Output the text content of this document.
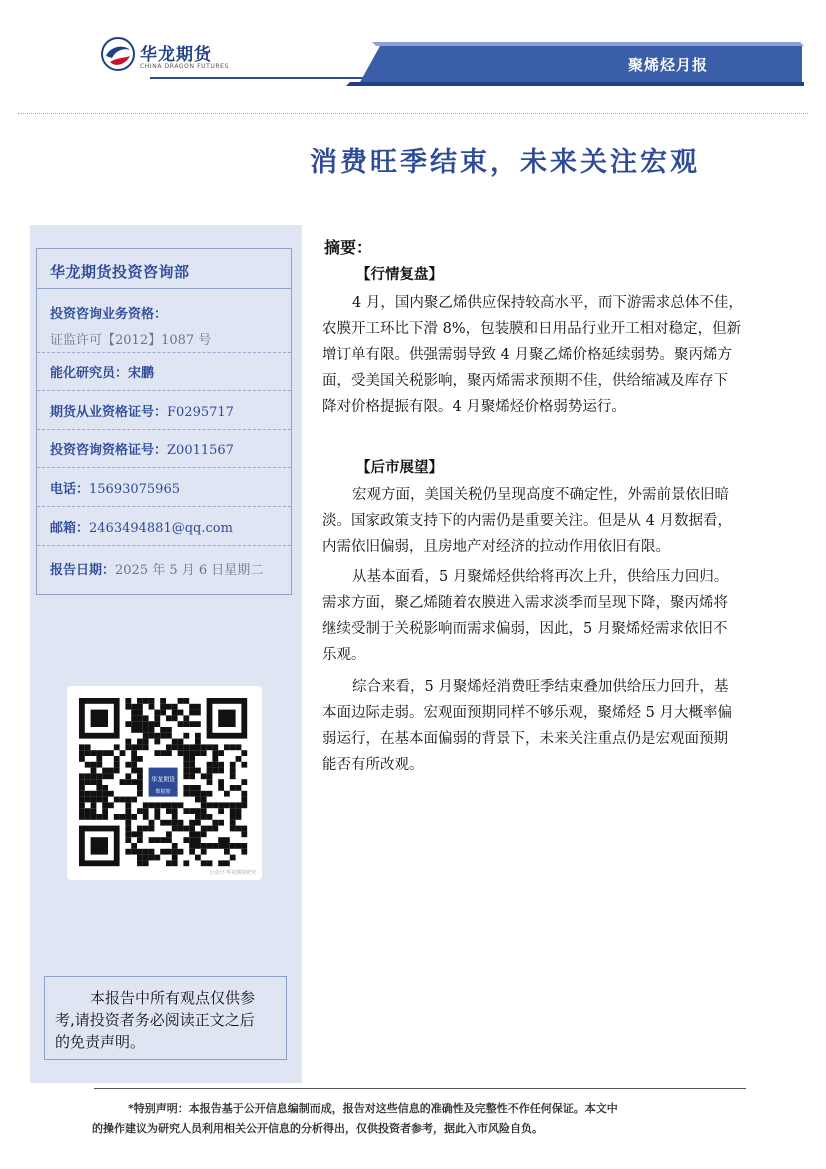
聚烯烃月报
华龙期货
CHINA DRAGON FUTURES
消费旺季结束，未来关注宏观
华龙期货投资咨询部
投资咨询业务资格：
证监许可【2012】1087 号
能化研究员：宋鹏
期货从业资格证号：F0295717
投资咨询资格证号：Z0011567
电话：15693075965
邮箱：2463494881@qq.com
报告日期：2025 年 5 月 6 日星期二
华龙期货
数据窗
公众号·华龙期货研究
本报告中所有观点仅供参
考,请投资者务必阅读正文之后
的免责声明。
摘要：
【行情复盘】
4 月，国内聚乙烯供应保持较高水平，而下游需求总体不佳，
农膜开工环比下滑 8%，包装膜和日用品行业开工相对稳定，但新
增订单有限。供强需弱导致 4 月聚乙烯价格延续弱势。聚丙烯方
面，受美国关税影响，聚丙烯需求预期不佳，供给缩减及库存下
降对价格提振有限。4 月聚烯烃价格弱势运行。
【后市展望】
宏观方面，美国关税仍呈现高度不确定性，外需前景依旧暗
淡。国家政策支持下的内需仍是重要关注。但是从 4 月数据看，
内需依旧偏弱，且房地产对经济的拉动作用依旧有限。
从基本面看，5 月聚烯烃供给将再次上升，供给压力回归。
需求方面，聚乙烯随着农膜进入需求淡季而呈现下降，聚丙烯将
继续受制于关税影响而需求偏弱，因此，5 月聚烯烃需求依旧不
乐观。
综合来看，5 月聚烯烃消费旺季结束叠加供给压力回升，基
本面边际走弱。宏观面预期同样不够乐观，聚烯烃 5 月大概率偏
弱运行，在基本面偏弱的背景下，未来关注重点仍是宏观面预期
能否有所改观。
*特别声明：本报告基于公开信息编制而成，报告对这些信息的准确性及完整性不作任何保证。本文中
的操作建议为研究人员利用相关公开信息的分析得出，仅供投资者参考，据此入市风险自负。
